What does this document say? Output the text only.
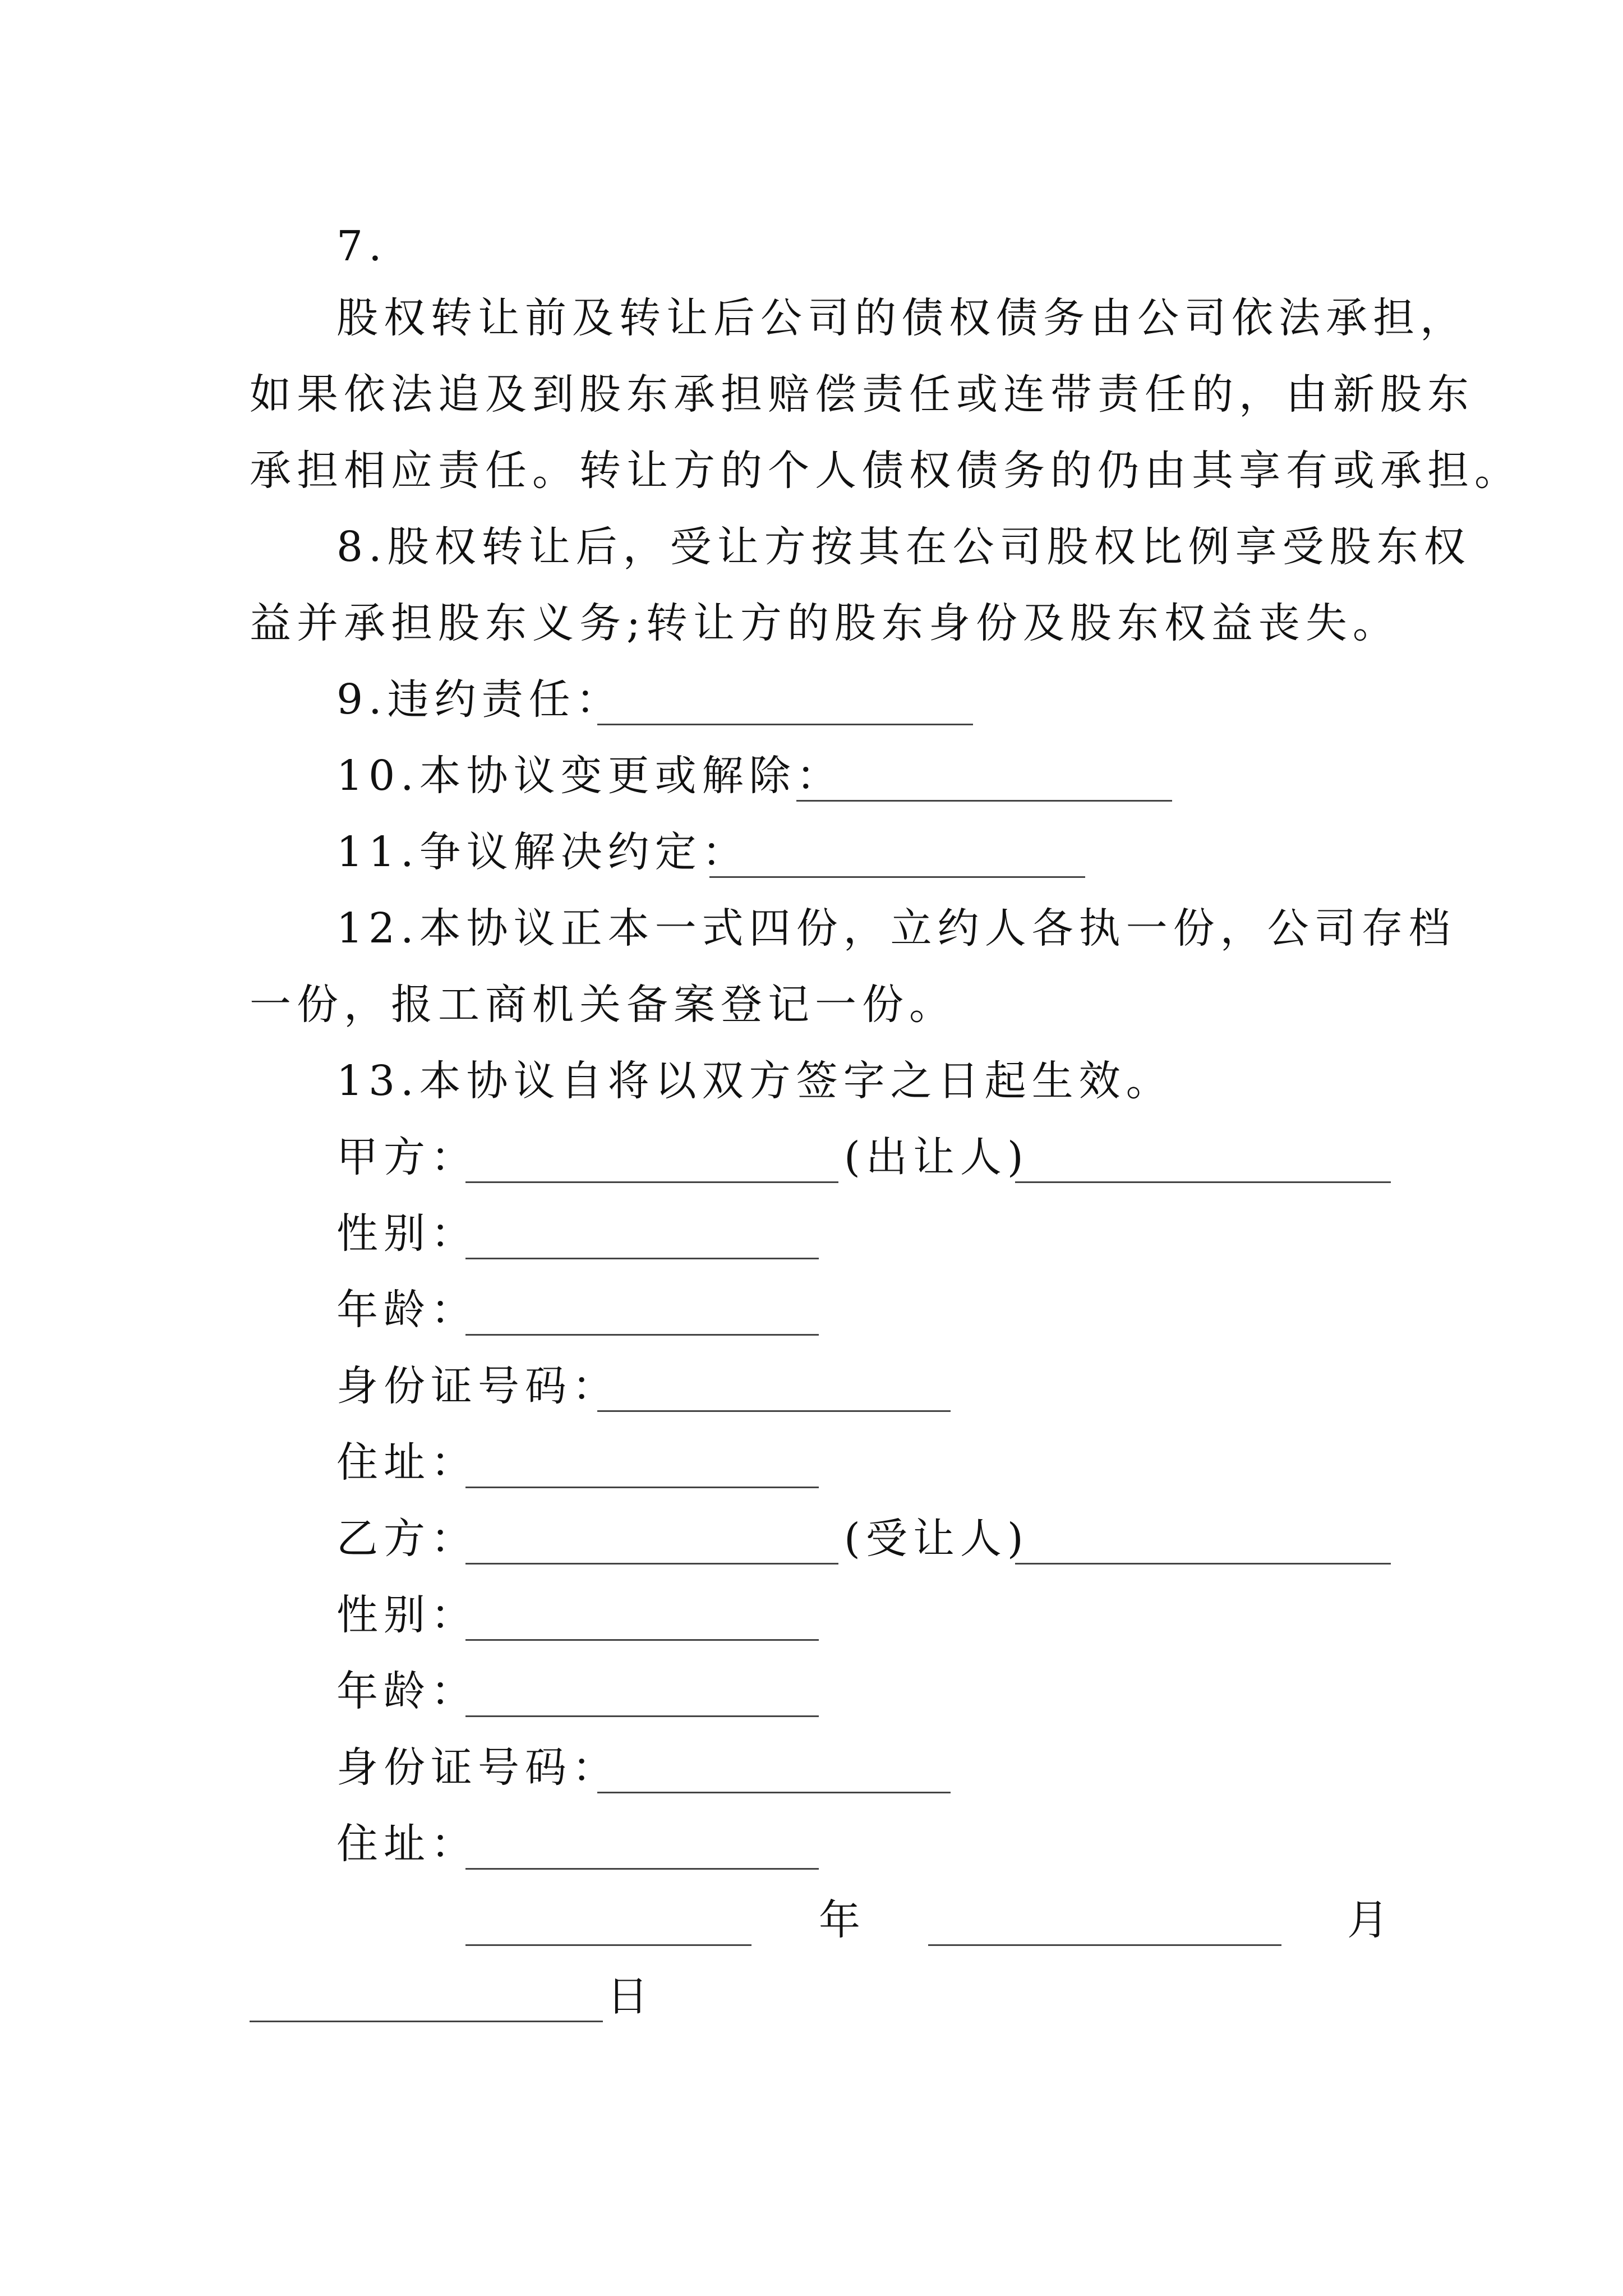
7.
股权转让前及转让后公司的债权债务由公司依法承担，
如果依法追及到股东承担赔偿责任或连带责任的，由新股东
承担相应责任。转让方的个人债权债务的仍由其享有或承担。
8.股权转让后，受让方按其在公司股权比例享受股东权
益并承担股东义务;转让方的股东身份及股东权益丧失。
9.违约责任：
10.本协议变更或解除：
11.争议解决约定：
12.本协议正本一式四份，立约人各执一份，公司存档
一份，报工商机关备案登记一份。
13.本协议自将以双方签字之日起生效。
甲方：	(出让人)
性别：
年龄：
身份证号码：
住址：
乙方：	(受让人)
性别：
年龄：
身份证号码：
住址：
年	月
日
